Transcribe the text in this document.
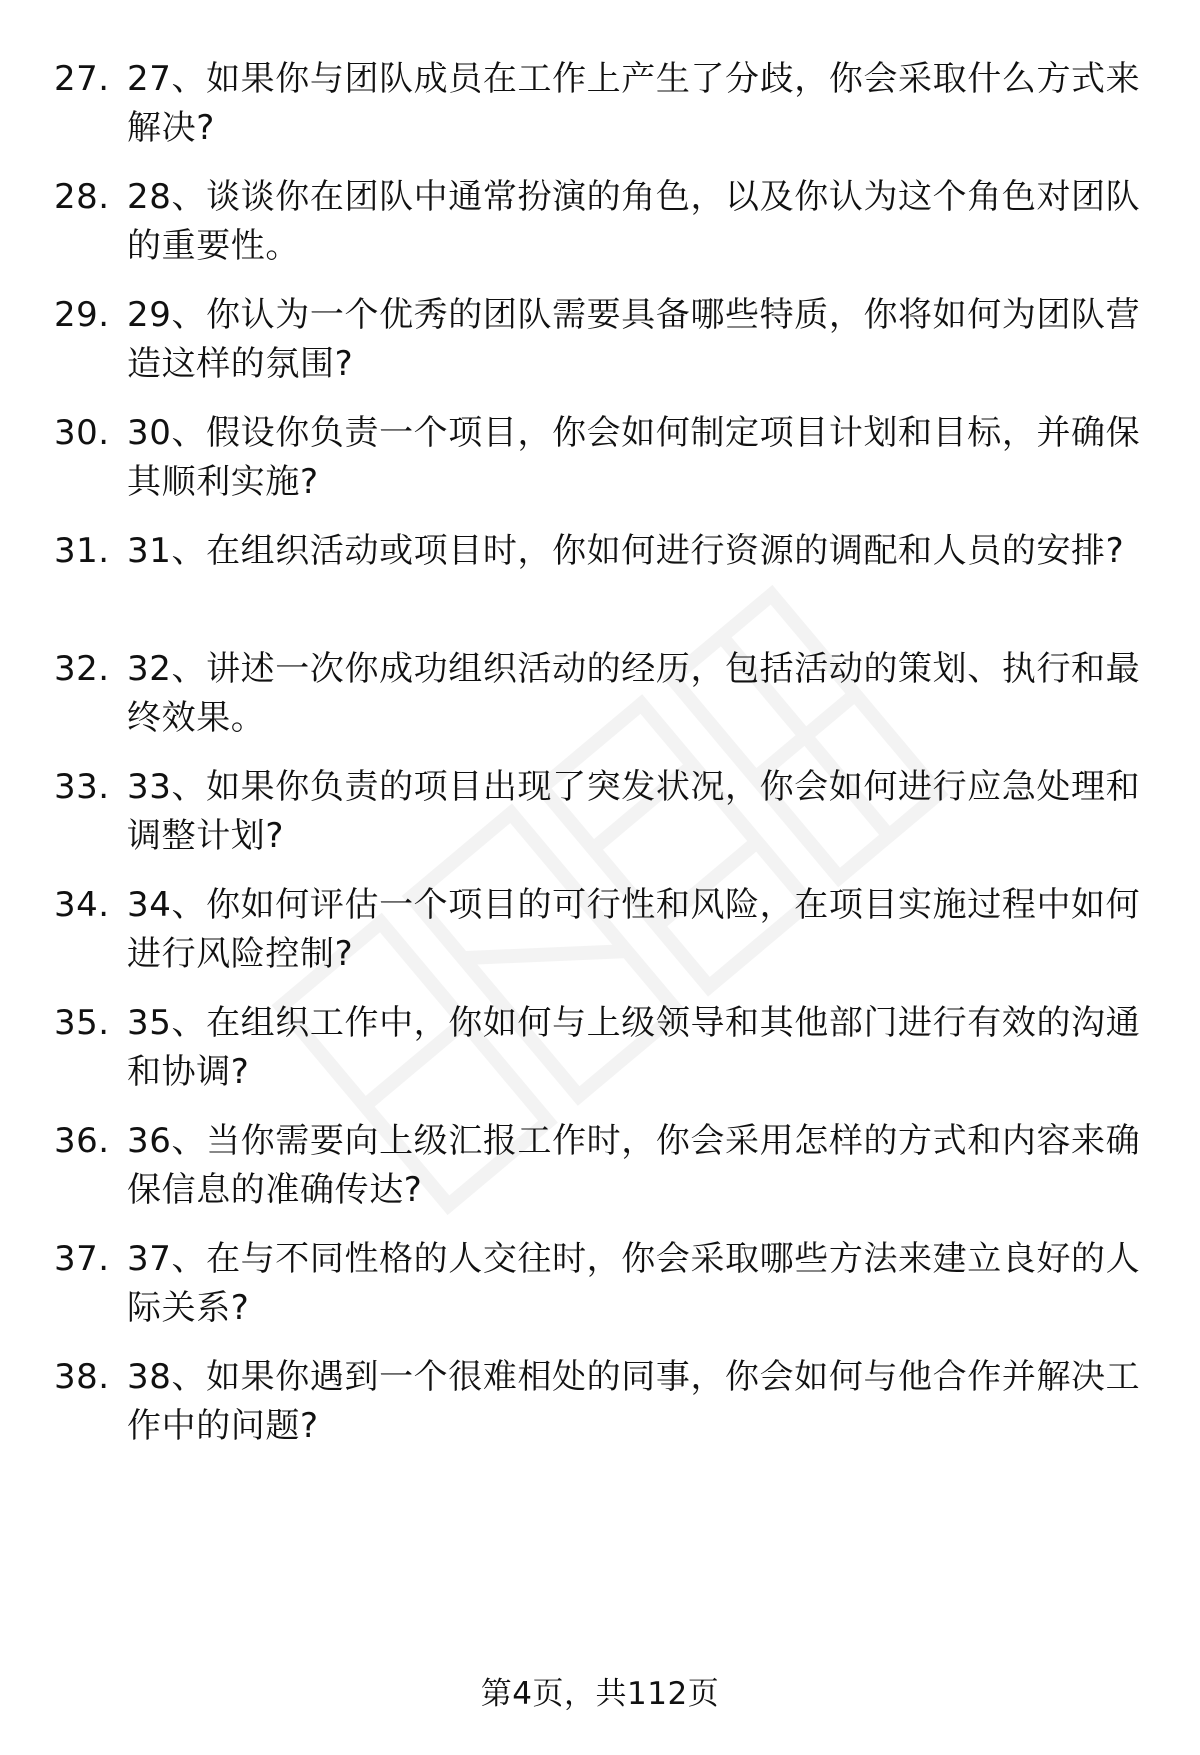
27. 27、如果你与团队成员在工作上产生了分歧，你会采取什么方式来解决?
28. 28、谈谈你在团队中通常扮演的角色，以及你认为这个角色对团队的重要性。
29. 29、你认为一个优秀的团队需要具备哪些特质，你将如何为团队营造这样的氛围?
30. 30、假设你负责一个项目，你会如何制定项目计划和目标，并确保其顺利实施?
31. 31、在组织活动或项目时，你如何进行资源的调配和人员的安排?
32. 32、讲述一次你成功组织活动的经历，包括活动的策划、执行和最终效果。
33. 33、如果你负责的项目出现了突发状况，你会如何进行应急处理和调整计划?
34. 34、你如何评估一个项目的可行性和风险，在项目实施过程中如何进行风险控制?
35. 35、在组织工作中，你如何与上级领导和其他部门进行有效的沟通和协调?
36. 36、当你需要向上级汇报工作时，你会采用怎样的方式和内容来确保信息的准确传达?
37. 37、在与不同性格的人交往时，你会采取哪些方法来建立良好的人际关系?
38. 38、如果你遇到一个很难相处的同事，你会如何与他合作并解决工作中的问题?
第4页，共112页
